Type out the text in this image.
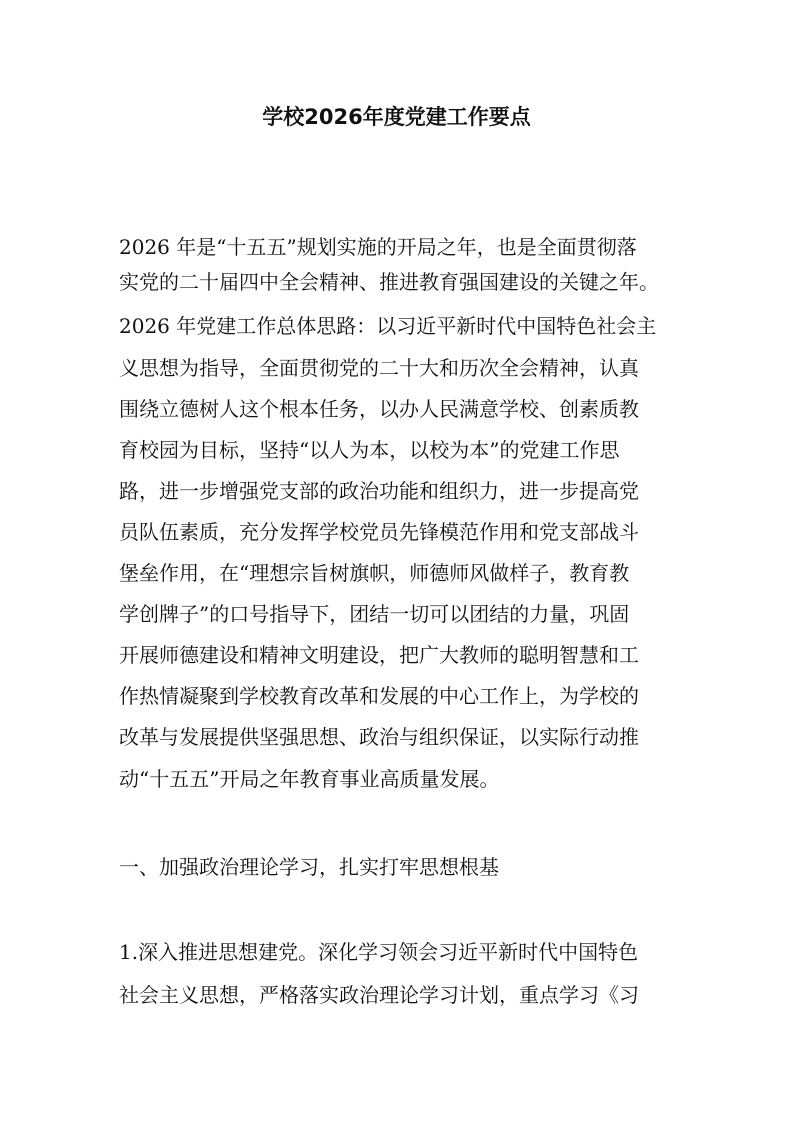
学校2026年度党建工作要点

2026 年是“十五五”规划实施的开局之年，也是全面贯彻落

实党的二十届四中全会精神、推进教育强国建设的关键之年。

2026 年党建工作总体思路：以习近平新时代中国特色社会主

义思想为指导，全面贯彻党的二十大和历次全会精神，认真

围绕立德树人这个根本任务，以办人民满意学校、创素质教

育校园为目标，坚持“以人为本，以校为本”的党建工作思

路，进一步增强党支部的政治功能和组织力，进一步提高党

员队伍素质，充分发挥学校党员先锋模范作用和党支部战斗

堡垒作用，在“理想宗旨树旗帜，师德师风做样子，教育教

学创牌子”的口号指导下，团结一切可以团结的力量，巩固

开展师德建设和精神文明建设，把广大教师的聪明智慧和工

作热情凝聚到学校教育改革和发展的中心工作上，为学校的

改革与发展提供坚强思想、政治与组织保证，以实际行动推

动“十五五”开局之年教育事业高质量发展。

一、加强政治理论学习，扎实打牢思想根基

1.深入推进思想建党。深化学习领会习近平新时代中国特色

社会主义思想，严格落实政治理论学习计划，重点学习《习
